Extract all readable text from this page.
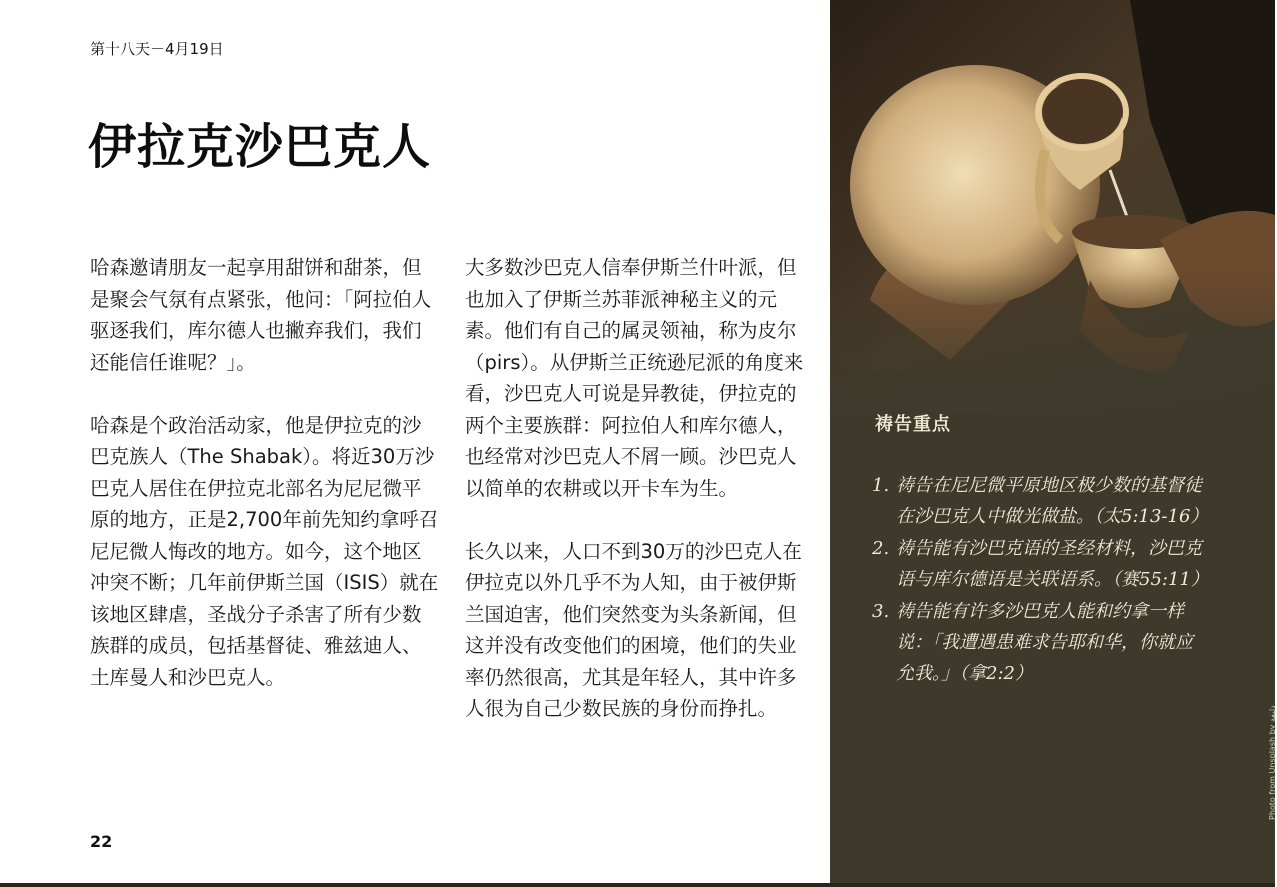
第十八天－4月19日
伊拉克沙巴克人

哈森邀请朋友一起享用甜饼和甜茶，但是聚会气氛有点紧张，他问：「阿拉伯人驱逐我们，库尔德人也撇弃我们，我们还能信任谁呢？」。

哈森是个政治活动家，他是伊拉克的沙巴克族人（The Shabak）。将近30万沙巴克人居住在伊拉克北部名为尼尼微平原的地方，正是2,700年前先知约拿呼召尼尼微人悔改的地方。如今，这个地区冲突不断；几年前伊斯兰国（ISIS）就在该地区肆虐，圣战分子杀害了所有少数族群的成员，包括基督徒、雅兹迪人、土库曼人和沙巴克人。

大多数沙巴克人信奉伊斯兰什叶派，但也加入了伊斯兰苏菲派神秘主义的元素。他们有自己的属灵领袖，称为皮尔（pirs）。从伊斯兰正统逊尼派的角度来看，沙巴克人可说是异教徒，伊拉克的两个主要族群：阿拉伯人和库尔德人，也经常对沙巴克人不屑一顾。沙巴克人以简单的农耕或以开卡车为生。

长久以来，人口不到30万的沙巴克人在伊拉克以外几乎不为人知，由于被伊斯兰国迫害，他们突然变为头条新闻，但这并没有改变他们的困境，他们的失业率仍然很高，尤其是年轻人，其中许多人很为自己少数民族的身份而挣扎。

22
祷告重点
1. 祷告在尼尼微平原地区极少数的基督徒在沙巴克人中做光做盐。（太5:13-16）
2. 祷告能有沙巴克语的圣经材料，沙巴克语与库尔德语是关联语系。（赛55:11）
3. 祷告能有许多沙巴克人能和约拿一样说：「我遭遇患难求告耶和华，你就应允我。」（拿2:2）
Photo from Unsplash by دليفة
